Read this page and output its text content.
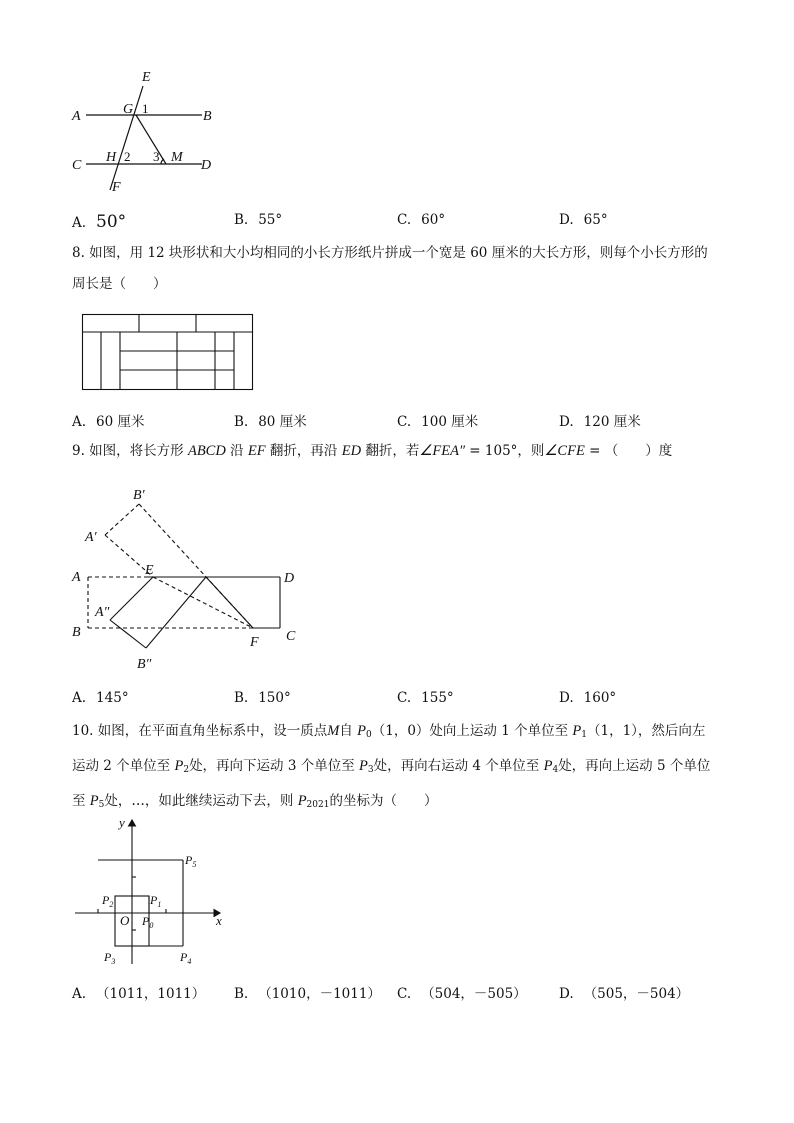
E
A	G 1
B
C
H 2 3 M
D
F
A. 50°	B. 55°	C. 60°	D. 65°
8. 如图，用 12 块形状和大小均相同的小长方形纸片拼成一个宽是 60 厘米的大长方形，则每个小长方形的
周长是（　　）
A. 60 厘米	B. 80 厘米	C. 100 厘米	D. 120 厘米
9. 如图，将长方形 ABCD 沿 EF 翻折，再沿 ED 翻折，若∠FEA″ = 105°，则∠CFE = （　　）度
B′
A′
A	E
D
A″
B
F C
B″
A. 145°	B. 150°	C. 155°	D. 160°
10. 如图，在平面直角坐标系中，设一质点M自 $P_0(1$，0）处向上运动 1 个单位至 $P_1(1$，1），然后向左
运动 2 个单位至 $P_2$处，再向下运动 3 个单位至 $P_3$处，再向右运动 4 个单位至 $P_4$处，再向上运动 5 个单位
至 $P_5$处，…，如此继续运动下去，则 $P_{2021}$的坐标为（　　）
y
x
O
$P_5$
$P_2$	$P_1$
$P_0$
$P_3$	$P_4$
A. （1011，1011） B. （1010，－1011） C. （504，－505） D. （505，－504）
